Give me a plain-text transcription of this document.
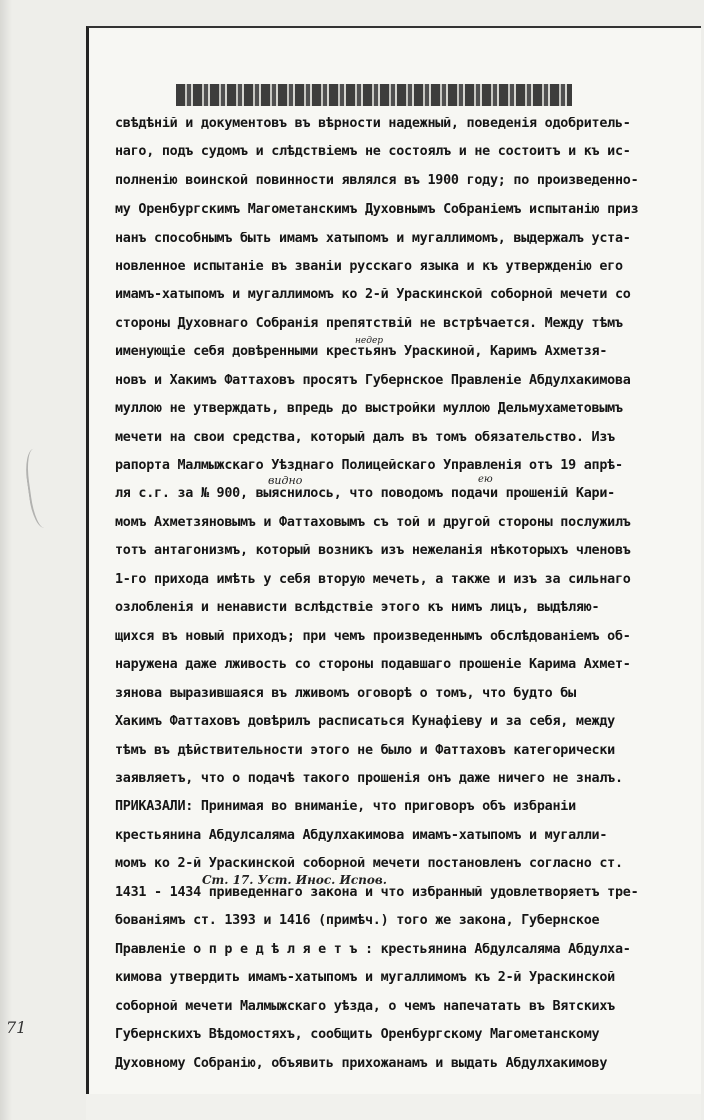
71
свѣдѣнiй и документовъ въ вѣрности надежный, поведенiя одобритель-
наго, подъ судомъ и слѣдствiемъ не состоялъ и не состоитъ и къ ис-
полненiю воинской повинности являлся въ 1900 году; по произведенно-
му Оренбургскимъ Магометанскимъ Духовнымъ Собранiемъ испытанiю приз
нанъ способнымъ быть имамъ хатыпомъ и мугаллимомъ, выдержалъ уста-
новленное испытанiе въ званiи русскаго языка и къ утвержденiю его
имамъ-хатыпомъ и мугаллимомъ ко 2-й Ураскинской соборной мечети со
стороны Духовнаго Собранiя препятствiй не встрѣчается. Между тѣмъ
именующiе себя довѣренными крестьянъ Ураскиной, Каримъ Ахметзя-
новъ и Хакимъ Фаттаховъ просятъ Губернское Правленiе Абдулхакимова
муллою не утверждать, впредь до выстройки муллою Дельмухаметовымъ
мечети на свои средства, который далъ въ томъ обязательство. Изъ
рапорта Малмыжскаго Уѣзднаго Полицейскаго Управленiя отъ 19 апрѣ-
ля с.г. за № 900, выяснилось, что поводомъ подачи прошенiй Кари-
момъ Ахметзяновымъ и Фаттаховымъ съ той и другой стороны послужилъ
тотъ антагонизмъ, который возникъ изъ нежеланiя нѣкоторыхъ членовъ
1-го прихода имѣть у себя вторую мечеть, а также и изъ за сильнаго
озлобленiя и ненависти вслѣдствiе этого къ нимъ лицъ, выдѣляю-
щихся въ новый приходъ; при чемъ произведеннымъ обслѣдованiемъ об-
наружена даже лживость со стороны подавшаго прошенiе Карима Ахмет-
зянова выразившаяся въ лживомъ оговорѣ о томъ, что будто бы
Хакимъ Фаттаховъ довѣрилъ расписаться Кунафiеву и за себя, между
тѣмъ въ дѣйствительности этого не было и Фаттаховъ категорически
заявляетъ, что о подачѣ такого прошенiя онъ даже ничего не зналъ.
ПРИКАЗАЛИ: Принимая во вниманiе, что приговоръ объ избранiи
крестьянина Абдулсаляма Абдулхакимова имамъ-хатыпомъ и мугалли-
момъ ко 2-й Ураскинской соборной мечети постановленъ согласно ст.
1431 - 1434 приведеннаго закона и что избранный удовлетворяетъ тре-
бованiямъ ст. 1393 и 1416 (примѣч.) того же закона, Губернское
Правленiе о п р е д ѣ л я е т ъ : крестьянина Абдулсаляма Абдулха-
кимова утвердить имамъ-хатыпомъ и мугаллимомъ къ 2-й Ураскинской
соборной мечети Малмыжскаго уѣзда, о чемъ напечатать въ Вятскихъ
Губернскихъ Вѣдомостяхъ, сообщить Оренбургскому Магометанскому
Духовному Собранiю, объявить прихожанамъ и выдать Абдулхакимову
недер
видно	ею
Ст. 17. Уст. Инос. Испов.
